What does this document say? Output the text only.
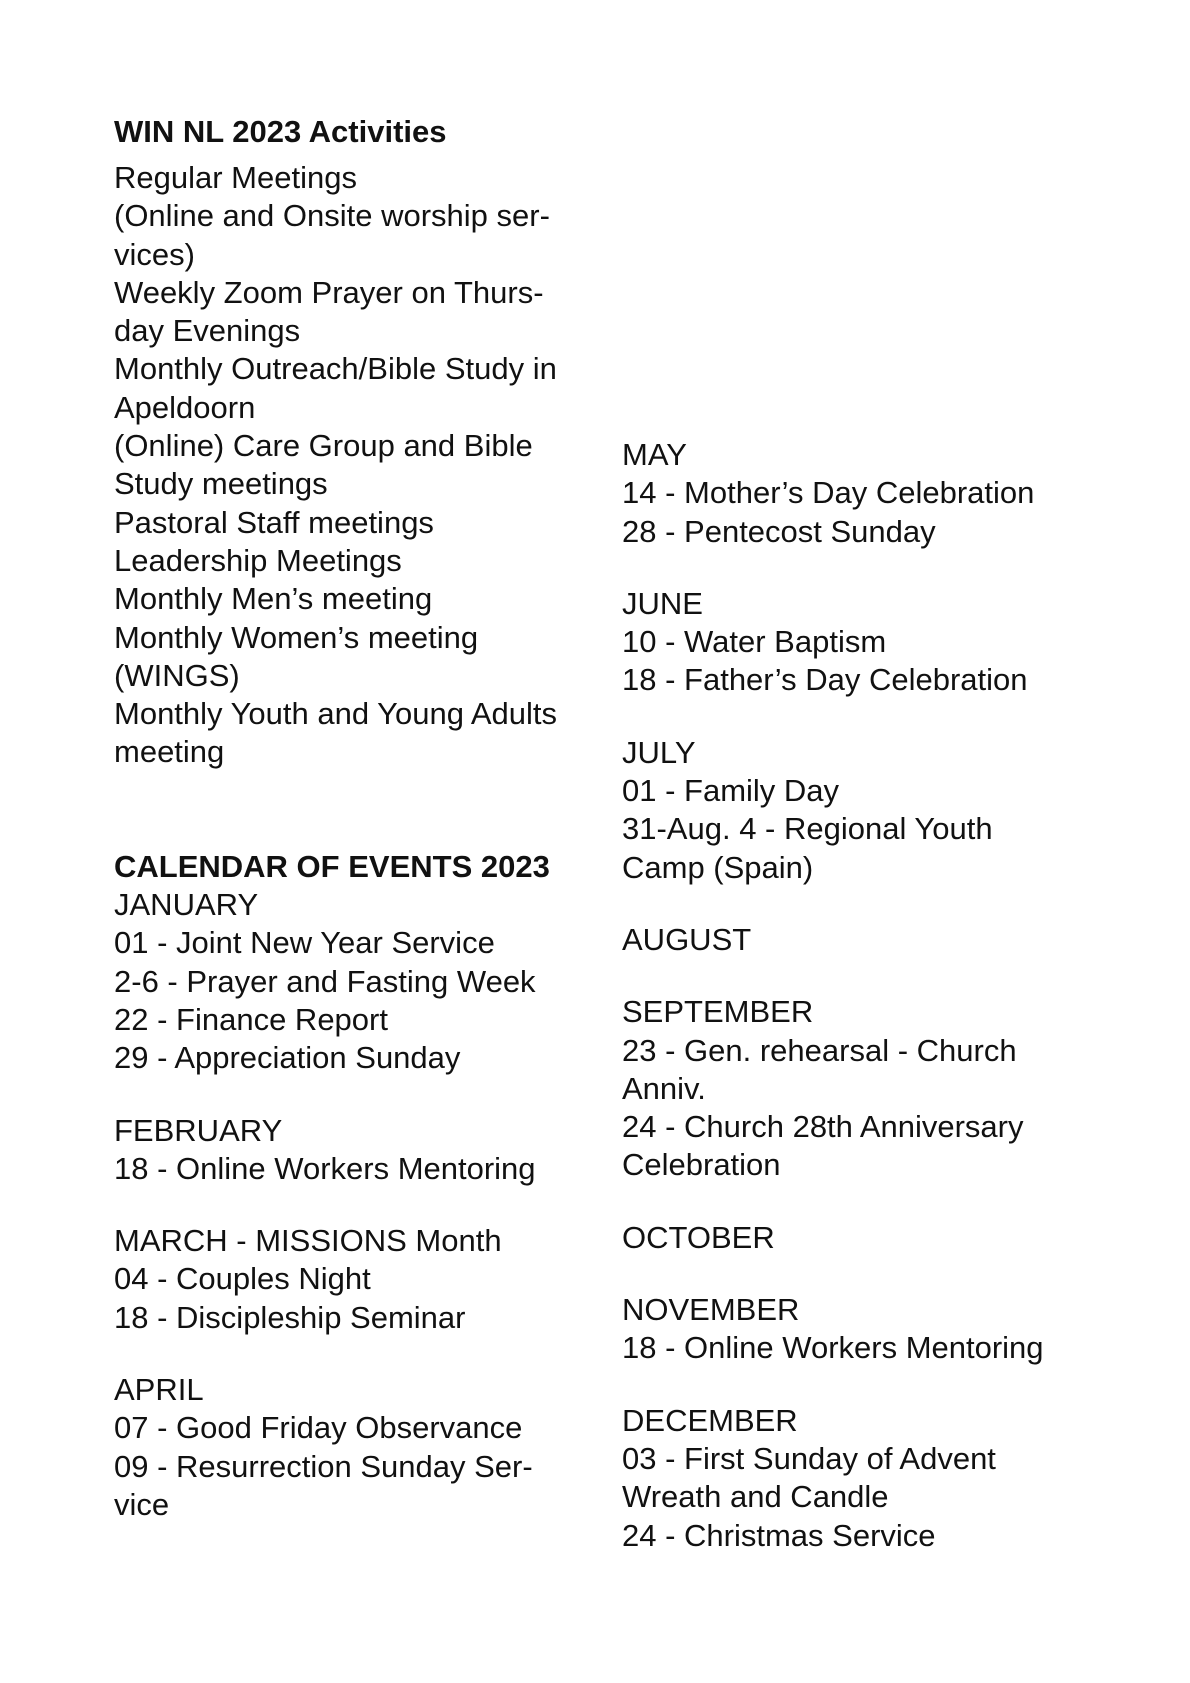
WIN NL 2023 Activities

Regular Meetings

(Online and Onsite worship ser-

vices)

Weekly Zoom Prayer on Thurs-

day Evenings

Monthly Outreach/Bible Study in

Apeldoorn

(Online) Care Group and Bible

Study meetings

Pastoral Staff meetings

Leadership Meetings

Monthly Men’s meeting

Monthly Women’s meeting

(WINGS)

Monthly Youth and Young Adults

meeting

CALENDAR OF EVENTS 2023

JANUARY

01 - Joint New Year Service

2-6 - Prayer and Fasting Week

22 - Finance Report

29 - Appreciation Sunday

FEBRUARY

18 - Online Workers Mentoring

MARCH - MISSIONS Month

04 - Couples Night

18 - Discipleship Seminar

APRIL

07 - Good Friday Observance

09 - Resurrection Sunday Ser-

vice

MAY

14 - Mother’s Day Celebration

28 - Pentecost Sunday

JUNE

10 - Water Baptism

18 - Father’s Day Celebration

JULY

01 - Family Day

31-Aug. 4 - Regional Youth

Camp (Spain)

AUGUST

SEPTEMBER

23 - Gen. rehearsal - Church

Anniv.

24 - Church 28th Anniversary

Celebration

OCTOBER

NOVEMBER

18 - Online Workers Mentoring

DECEMBER

03 - First Sunday of Advent

Wreath and Candle

24 - Christmas Service
